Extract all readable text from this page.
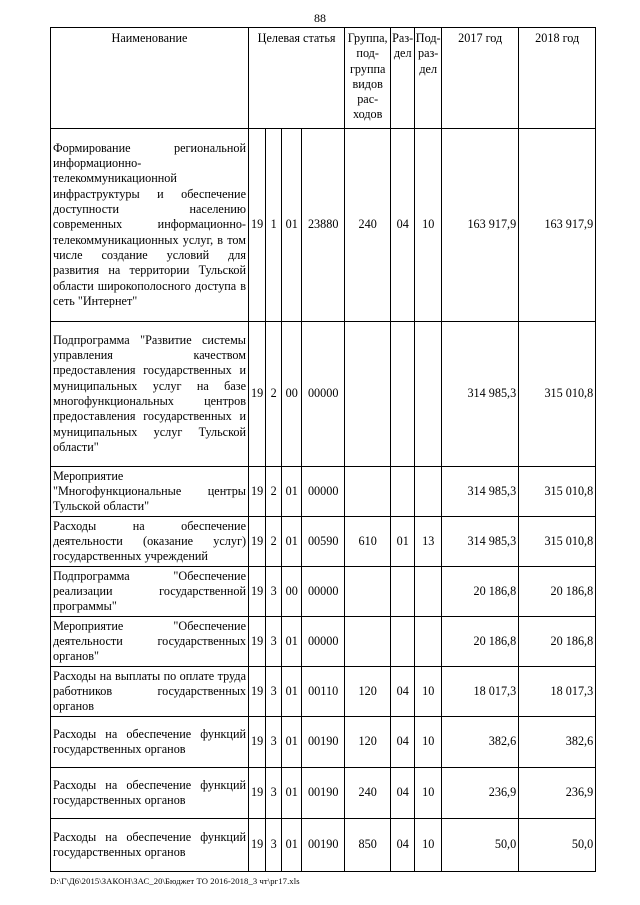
88
Наименование	Целевая статья				Группа, под-группа видов рас-ходов	Раз-дел	Под-раз-дел	2017 год	2018 год
Формирование региональной информационно-телекоммуникационной инфраструктуры и обеспечение доступности населению современных информационно-телекоммуникационных услуг, в том числе создание условий для развития на территории Тульской области широкополосного доступа в сеть "Интернет"	19	1	01	23880	240	04	10	163 917,9	163 917,9
Подпрограмма "Развитие системы управления качеством предоставления государственных и муниципальных услуг на базе многофункциональных центров предоставления государственных и муниципальных услуг Тульской области"	19	2	00	00000				314 985,3	315 010,8
Мероприятие "Многофункциональные центры Тульской области"	19	2	01	00000				314 985,3	315 010,8
Расходы на обеспечение деятельности (оказание услуг) государственных учреждений	19	2	01	00590	610	01	13	314 985,3	315 010,8
Подпрограмма "Обеспечение реализации государственной программы"	19	3	00	00000				20 186,8	20 186,8
Мероприятие "Обеспечение деятельности государственных органов"	19	3	01	00000				20 186,8	20 186,8
Расходы на выплаты по оплате труда работников государственных органов	19	3	01	00110	120	04	10	18 017,3	18 017,3
Расходы на обеспечение функций государственных органов	19	3	01	00190	120	04	10	382,6	382,6
Расходы на обеспечение функций государственных органов	19	3	01	00190	240	04	10	236,9	236,9
Расходы на обеспечение функций государственных органов	19	3	01	00190	850	04	10	50,0	50,0
D:\Г\Д6\2015\ЗАКОН\ЗАС_20\Бюджет ТО 2016-2018_3 чт\рг17.xls
